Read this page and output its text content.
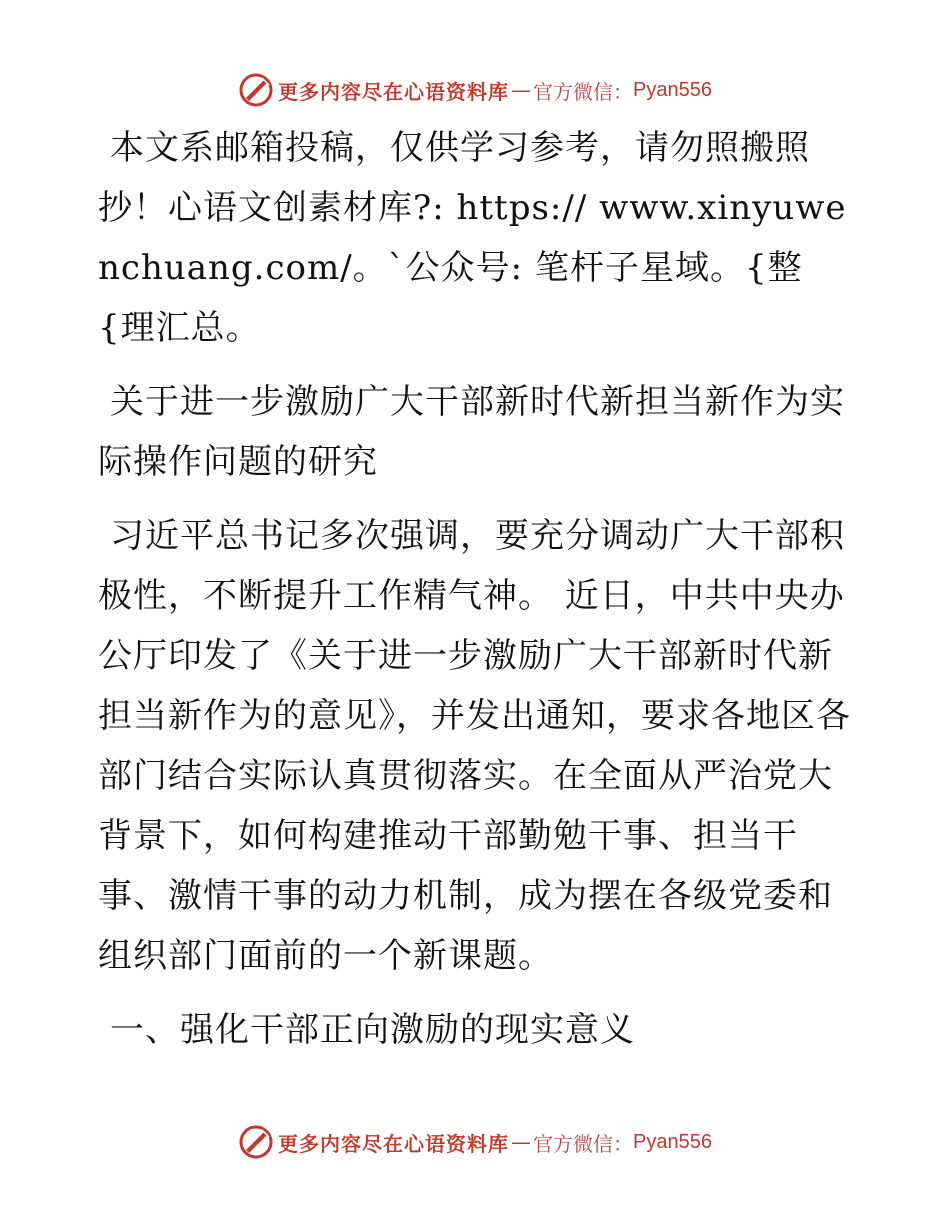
更多内容尽在心语资料库 — 官方微信： Pyan556

本文系邮箱投稿，仅供学习参考，请勿照搬照抄！心语文创素材库?: https:// www.xinyuwenchuang.com/。`公众号: 笔杆子星域。{整{理汇总。

关于进一步激励广大干部新时代新担当新作为实际操作问题的研究

习近平总书记多次强调，要充分调动广大干部积极性，不断提升工作精气神。 近日，中共中央办公厅印发了《关于进一步激励广大干部新时代新担当新作为的意见》，并发出通知，要求各地区各部门结合实际认真贯彻落实。在全面从严治党大背景下，如何构建推动干部勤勉干事、担当干事、激情干事的动力机制，成为摆在各级党委和组织部门面前的一个新课题。

一、强化干部正向激励的现实意义

更多内容尽在心语资料库 — 官方微信： Pyan556
